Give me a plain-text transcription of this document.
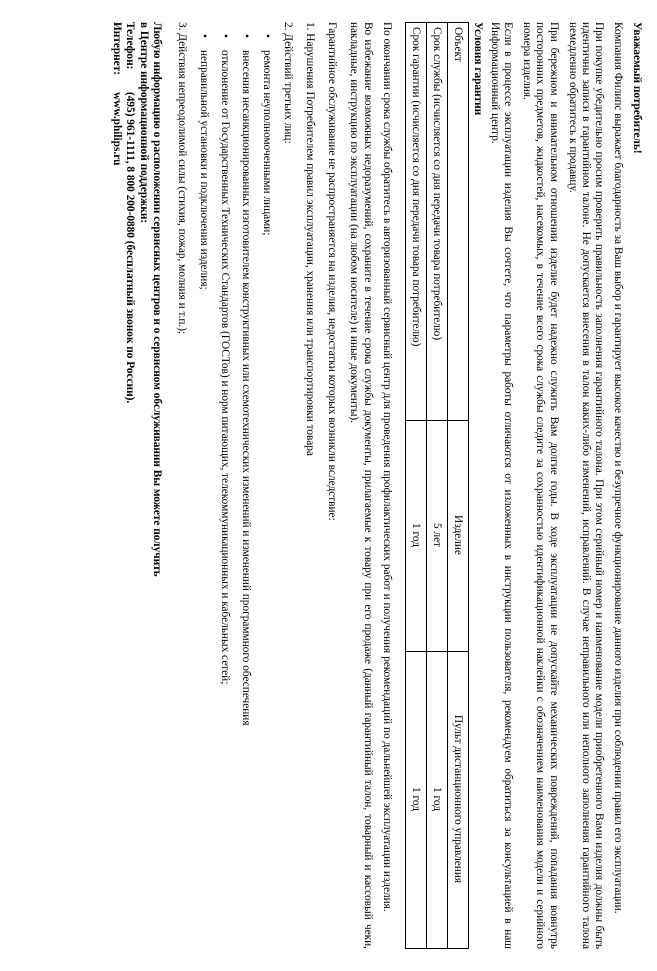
Уважаемый потребитель!

Компания Филипс выражает благодарность за Ваш выбор и гарантирует высокое качество и безупречное функционирование данного изделия при соблюдении правил его эксплуатации.

При покупке убедительно просим проверить правильность заполнения гарантийного талона. При этом серийный номер и наименование модели приобретенного Вами изделия должны быть идентичны записи в гарантийном талоне. Не допускается внесения в талон каких-либо изменений, исправлений. В случае неправильного или неполного заполнения гарантийного талона немедленно обратитесь к продавцу.

При бережном и внимательном отношении изделие будет надежно служить Вам долгие годы. В ходе эксплуатации не допускайте механических повреждений, попадания вовнутрь посторонних предметов, жидкостей, насекомых, в течение всего срока службы следите за сохранностью идентификационной наклейки с обозначением наименования модели и серийного номера изделия.

Если в процессе эксплуатации изделия Вы сочтете, что параметры работы отличаются от изложенных в инструкции пользователя, рекомендуем обратиться за консультацией в наш Информационный центр.

Условия гарантии

Объект	Изделие	Пульт дистанционного управления
Срок службы (исчисляется со дня передачи товара потребителю)	5 лет	1 год
Срок гарантии (исчисляется со дня передачи товара потребителю)	1 год	1 год

По окончании срока службы обратитесь в авторизованный сервисный центр для проведения профилактических работ и получения рекомендаций по дальнейшей эксплуатации изделия.

Во избежание возможных недоразумений, сохраните в течение срока службы документы, прилагаемые к товару при его продаже (данный гарантийный талон, товарный и кассовый чеки, накладные, инструкцию по эксплуатации (на любом носителе) и иные документы).

Гарантийное обслуживание не распространяется на изделия, недостатки которых возникли вследствие:

1. Нарушения Потребителем правил эксплуатации, хранения или транспортировки товара

2. Действий третьих лиц:

•
ремонта неуполномоченными лицами;
•
внесения несанкционированных изготовителем конструктивных или схемотехнических изменений и изменений программного обеспечения
•
отклонение от Государственных Технических Стандартов (ГОСТов) и норм питающих, телекоммуникационных и кабельных сетей;
•
неправильной установки и подключения изделия;

3. Действия непреодолимой силы (стихия, пожар, молния и т.п.);

Любую информацию о расположении сервисных центров и о сервисном обслуживании Вы можете получить

в Центре информационной поддержки:

Телефон:	(495) 961-1111, 8 800 200-0880 (бесплатный звонок по России).
Интернет:	www.philips.ru
